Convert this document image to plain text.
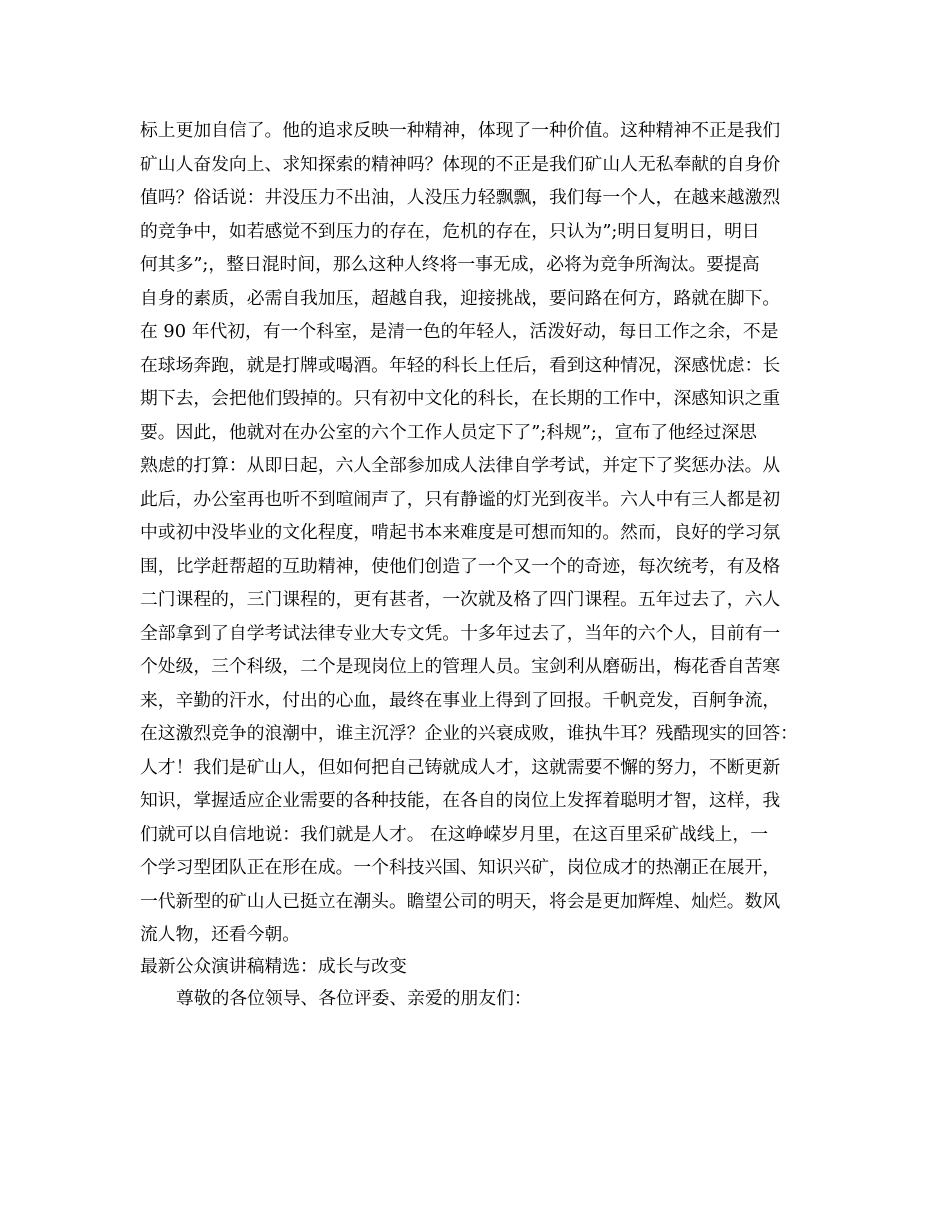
标上更加自信了。他的追求反映一种精神，体现了一种价值。这种精神不正是我们
矿山人奋发向上、求知探索的精神吗？体现的不正是我们矿山人无私奉献的自身价
值吗？俗话说：井没压力不出油，人没压力轻飘飘，我们每一个人，在越来越激烈
的竞争中，如若感觉不到压力的存在，危机的存在，只认为”;明日复明日，明日
何其多”;，整日混时间，那么这种人终将一事无成，必将为竞争所淘汰。要提高
自身的素质，必需自我加压，超越自我，迎接挑战，要问路在何方，路就在脚下。
在 90 年代初，有一个科室，是清一色的年轻人，活泼好动，每日工作之余，不是
在球场奔跑，就是打牌或喝酒。年轻的科长上任后，看到这种情况，深感忧虑：长
期下去，会把他们毁掉的。只有初中文化的科长，在长期的工作中，深感知识之重
要。因此，他就对在办公室的六个工作人员定下了”;科规”;，宣布了他经过深思
熟虑的打算：从即日起，六人全部参加成人法律自学考试，并定下了奖惩办法。从
此后，办公室再也听不到喧闹声了，只有静谧的灯光到夜半。六人中有三人都是初
中或初中没毕业的文化程度，啃起书本来难度是可想而知的。然而，良好的学习氛
围，比学赶帮超的互助精神，使他们创造了一个又一个的奇迹，每次统考，有及格
二门课程的，三门课程的，更有甚者，一次就及格了四门课程。五年过去了，六人
全部拿到了自学考试法律专业大专文凭。十多年过去了，当年的六个人，目前有一
个处级，三个科级，二个是现岗位上的管理人员。宝剑利从磨砺出，梅花香自苦寒
来，辛勤的汗水，付出的心血，最终在事业上得到了回报。千帆竞发，百舸争流，
在这激烈竞争的浪潮中，谁主沉浮？企业的兴衰成败，谁执牛耳？残酷现实的回答：
人才！我们是矿山人，但如何把自己铸就成人才，这就需要不懈的努力，不断更新
知识，掌握适应企业需要的各种技能，在各自的岗位上发挥着聪明才智，这样，我
们就可以自信地说：我们就是人才。 在这峥嵘岁月里，在这百里采矿战线上，一
个学习型团队正在形在成。一个科技兴国、知识兴矿，岗位成才的热潮正在展开，
一代新型的矿山人已挺立在潮头。瞻望公司的明天，将会是更加辉煌、灿烂。数风
流人物，还看今朝。
最新公众演讲稿精选：成长与改变
尊敬的各位领导、各位评委、亲爱的朋友们：
